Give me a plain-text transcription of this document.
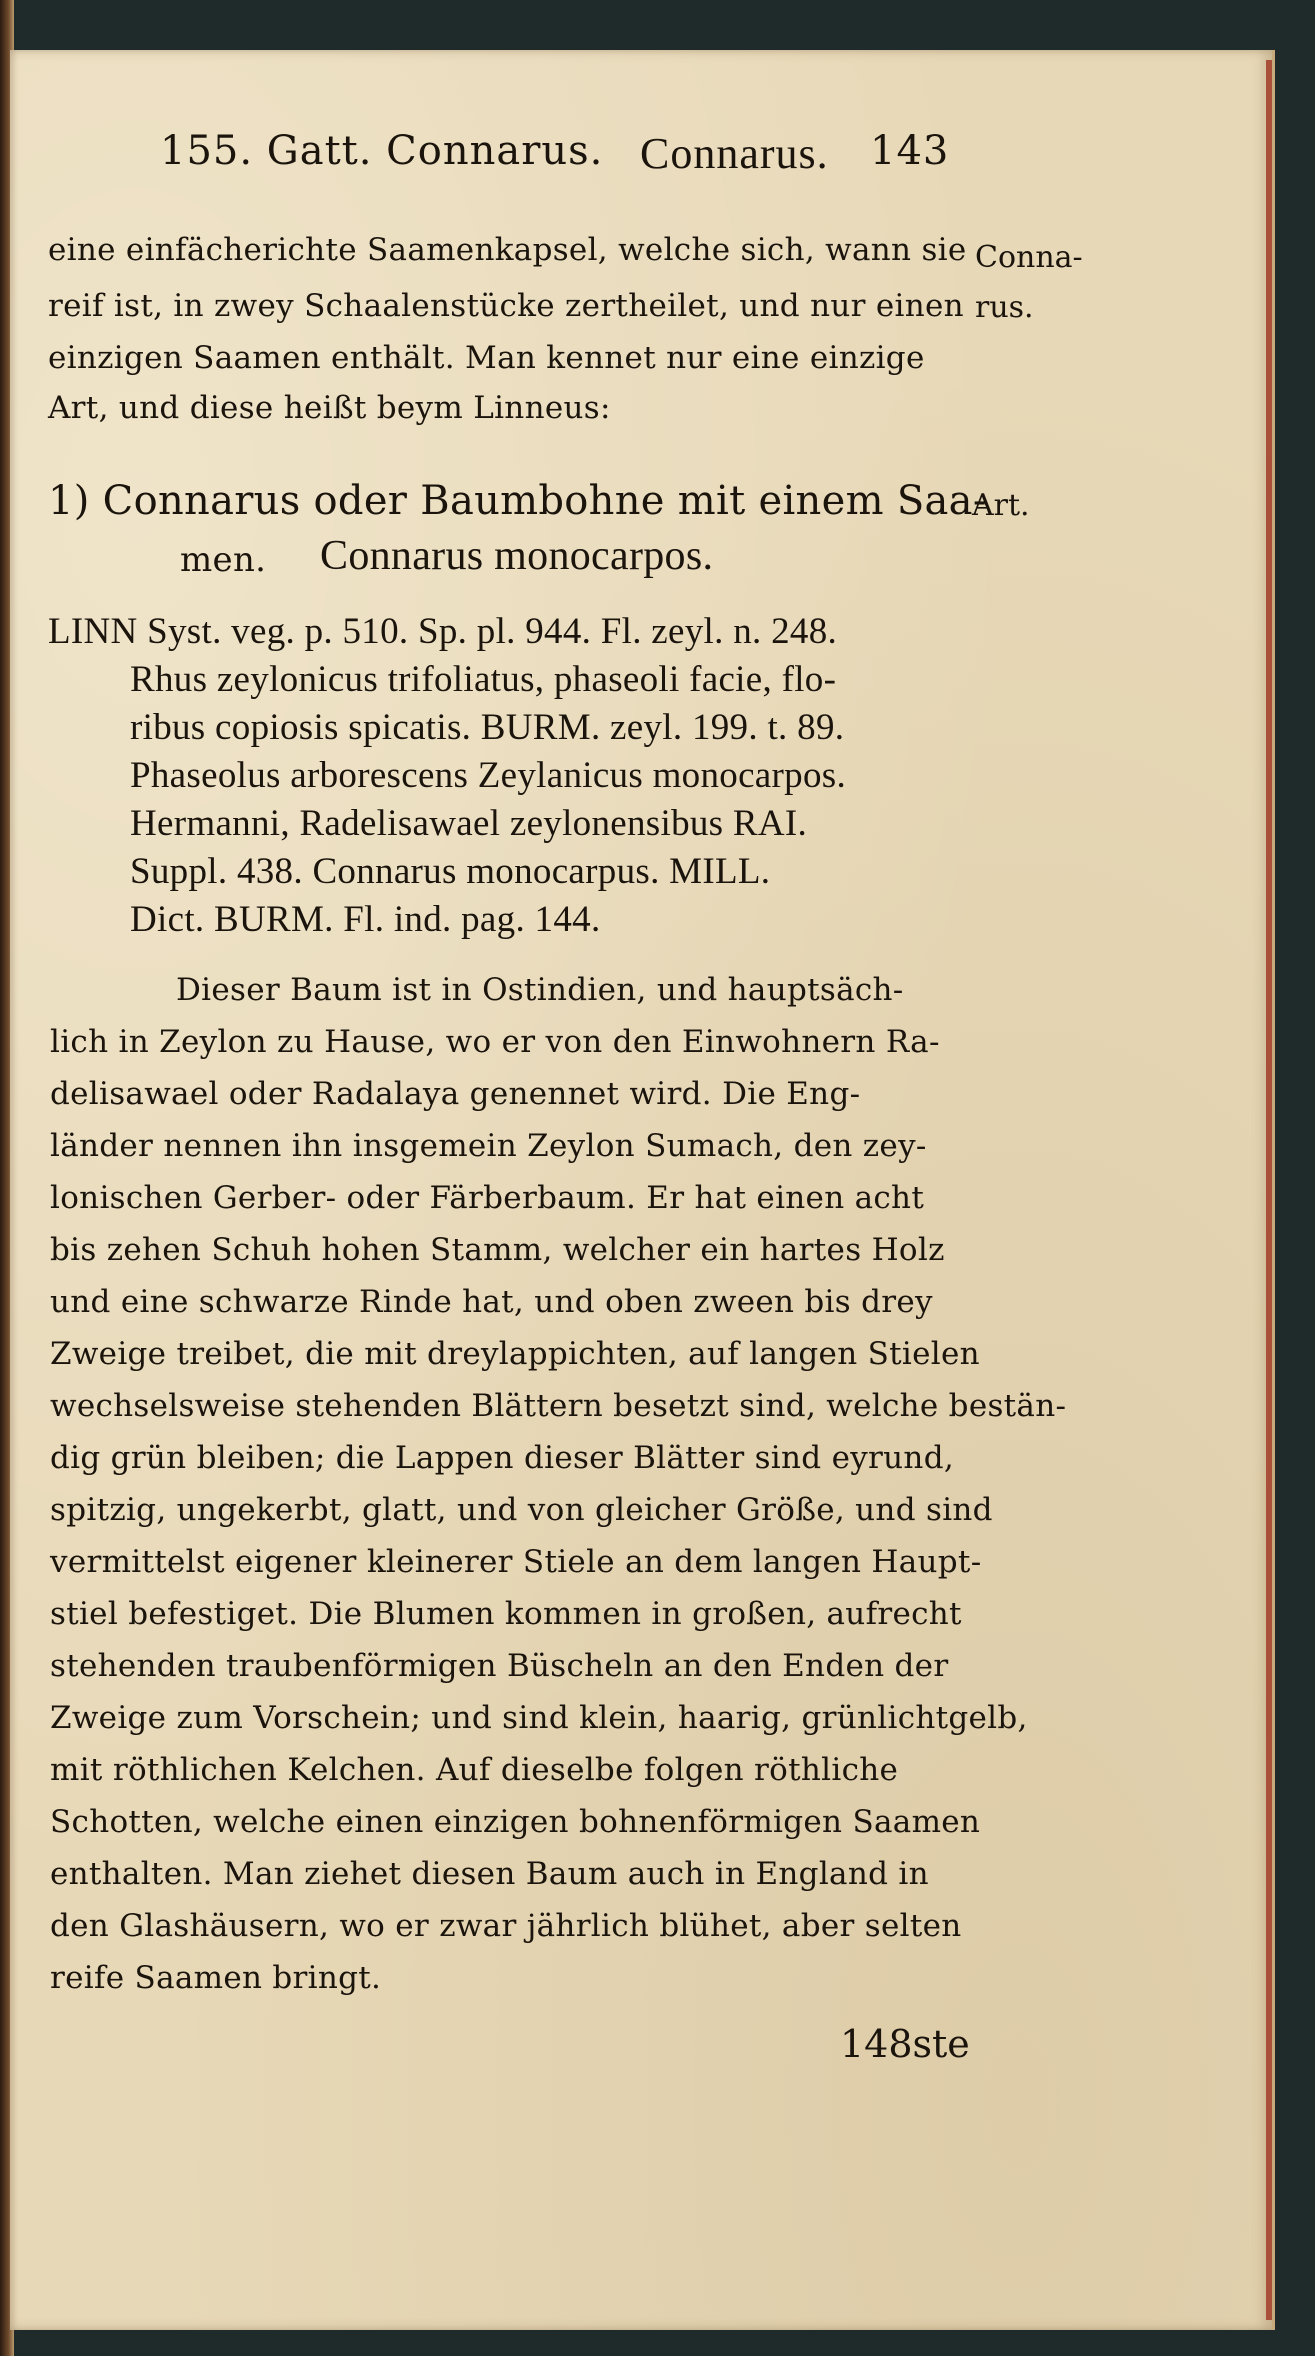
155. Gatt. Connarus. Connarus. 143
eine einfächerichte Saamenkapsel, welche sich, wann sie
reif ist, in zwey Schaalenstücke zertheilet, und nur einen
einzigen Saamen enthält. Man kennet nur eine einzige
Art, und diese heißt beym Linneus:
Conna-
rus.
Art.
1) Connarus oder Baumbohne mit einem Saa-
men. Connarus monocarpos.
LINN Syst. veg. p. 510. Sp. pl. 944. Fl. zeyl. n. 248.
Rhus zeylonicus trifoliatus, phaseoli facie, flo-
ribus copiosis spicatis. BURM. zeyl. 199. t. 89.
Phaseolus arborescens Zeylanicus monocarpos.
Hermanni, Radelisawael zeylonensibus RAI.
Suppl. 438. Connarus monocarpus. MILL.
Dict. BURM. Fl. ind. pag. 144.
Dieser Baum ist in Ostindien, und hauptsäch-
lich in Zeylon zu Hause, wo er von den Einwohnern Ra-
delisawael oder Radalaya genennet wird. Die Eng-
länder nennen ihn insgemein Zeylon Sumach, den zey-
lonischen Gerber- oder Färberbaum. Er hat einen acht
bis zehen Schuh hohen Stamm, welcher ein hartes Holz
und eine schwarze Rinde hat, und oben zween bis drey
Zweige treibet, die mit dreylappichten, auf langen Stielen
wechselsweise stehenden Blättern besetzt sind, welche bestän-
dig grün bleiben; die Lappen dieser Blätter sind eyrund,
spitzig, ungekerbt, glatt, und von gleicher Größe, und sind
vermittelst eigener kleinerer Stiele an dem langen Haupt-
stiel befestiget. Die Blumen kommen in großen, aufrecht
stehenden traubenförmigen Büscheln an den Enden der
Zweige zum Vorschein; und sind klein, haarig, grünlichtgelb,
mit röthlichen Kelchen. Auf dieselbe folgen röthliche
Schotten, welche einen einzigen bohnenförmigen Saamen
enthalten. Man ziehet diesen Baum auch in England in
den Glashäusern, wo er zwar jährlich blühet, aber selten
reife Saamen bringt.
148ste
